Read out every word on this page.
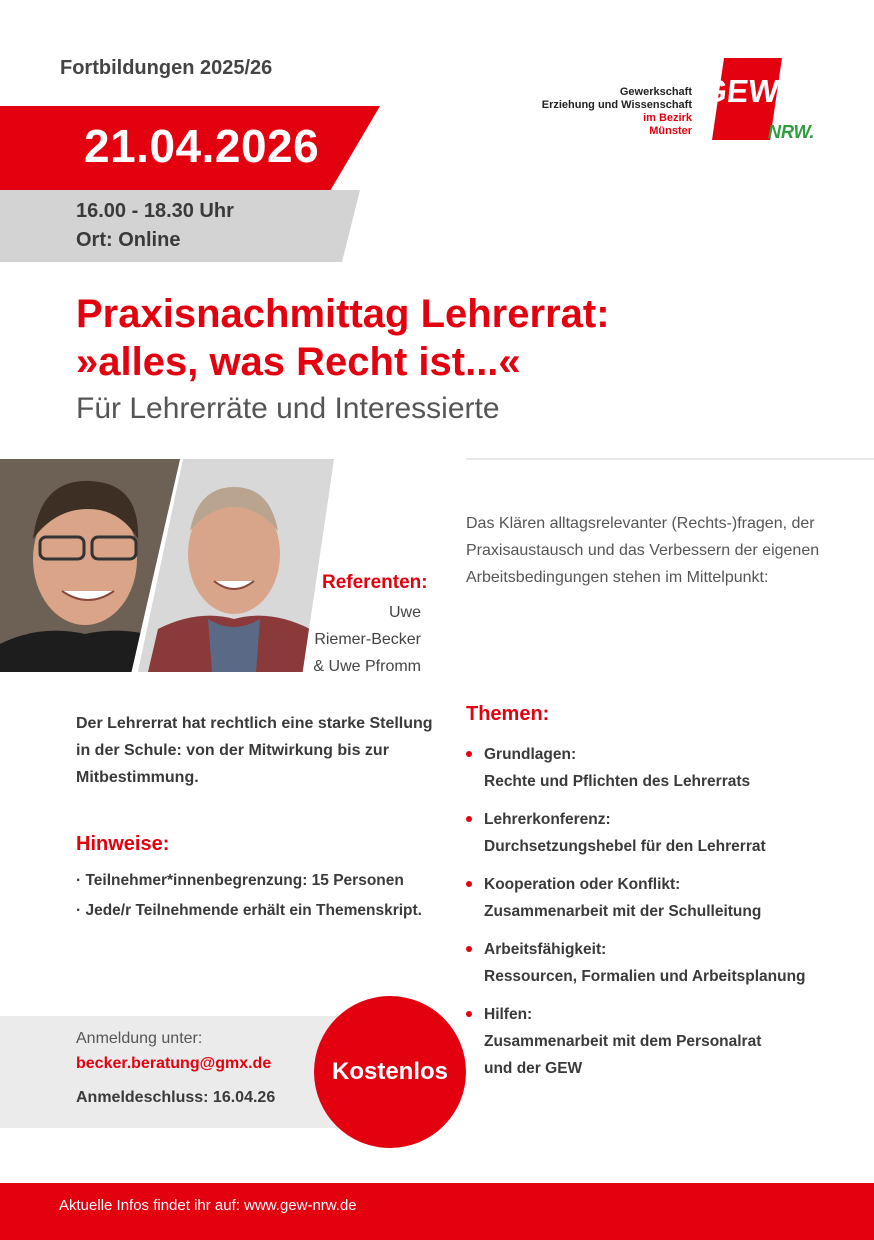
Fortbildungen 2025/26
Gewerkschaft
Erziehung und Wissenschaft
im Bezirk
Münster
GEW
NRW.
21.04.2026
16.00 - 18.30 Uhr
Ort: Online
Praxisnachmittag Lehrerrat:
»alles, was Recht ist...«
Für Lehrerräte und Interessierte
Referenten:
Uwe
Riemer-Becker
& Uwe Pfromm
Das Klären alltagsrelevanter (Rechts-)fragen, der Praxisaustausch und das Verbessern der eigenen Arbeitsbedingungen stehen im Mittelpunkt:
Der Lehrerrat hat rechtlich eine starke Stellung in der Schule: von der Mitwirkung bis zur Mitbestimmung.
Hinweise:
· Teilnehmer*innenbegrenzung: 15 Personen
· Jede/r Teilnehmende erhält ein Themenskript.
Themen:
Grundlagen:
Rechte und Pflichten des Lehrerrats
Lehrerkonferenz:
Durchsetzungshebel für den Lehrerrat
Kooperation oder Konflikt:
Zusammenarbeit mit der Schulleitung
Arbeitsfähigkeit:
Ressourcen, Formalien und Arbeitsplanung
Hilfen:
Zusammenarbeit mit dem Personalrat
und der GEW
Anmeldung unter:
becker.beratung@gmx.de
Anmeldeschluss: 16.04.26
Kostenlos
Aktuelle Infos findet ihr auf: www.gew-nrw.de
